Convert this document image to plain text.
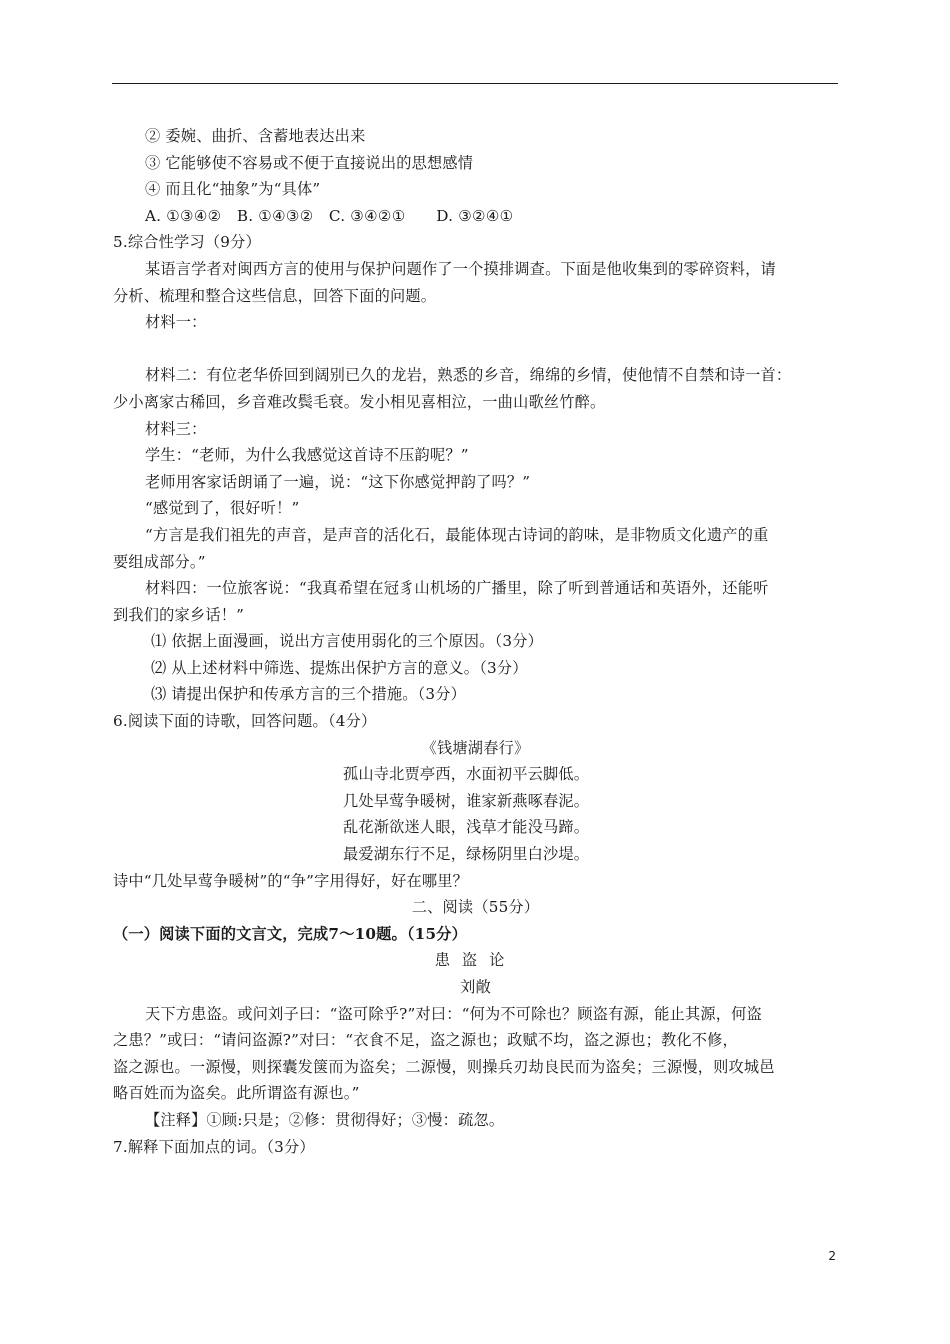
② 委婉、曲折、含蓄地表达出来
③ 它能够使不容易或不便于直接说出的思想感情
④ 而且化“抽象”为“具体”
A. ①③④②　B. ①④③②　C. ③④②①　　D. ③②④①
5.综合性学习（9分）
某语言学者对闽西方言的使用与保护问题作了一个摸排调查。下面是他收集到的零碎资料，请
分析、梳理和整合这些信息，回答下面的问题。
材料一：
材料二：有位老华侨回到阔别已久的龙岩，熟悉的乡音，绵绵的乡情，使他情不自禁和诗一首：
少小离家古稀回，乡音难改鬓毛衰。发小相见喜相泣，一曲山歌丝竹醉。
材料三：
学生：“老师，为什么我感觉这首诗不压韵呢？”
老师用客家话朗诵了一遍，说：“这下你感觉押韵了吗？”
“感觉到了，很好听！”
“方言是我们祖先的声音，是声音的活化石，最能体现古诗词的韵味，是非物质文化遗产的重
要组成部分。”
材料四：一位旅客说：“我真希望在冠豸山机场的广播里，除了听到普通话和英语外，还能听
到我们的家乡话！”
⑴ 依据上面漫画，说出方言使用弱化的三个原因。（3分）
⑵ 从上述材料中筛选、提炼出保护方言的意义。（3分）
⑶ 请提出保护和传承方言的三个措施。（3分）
6.阅读下面的诗歌，回答问题。（4分）
《钱塘湖春行》
孤山寺北贾亭西，水面初平云脚低。
几处早莺争暖树，谁家新燕啄春泥。
乱花渐欲迷人眼，浅草才能没马蹄。
最爱湖东行不足，绿杨阴里白沙堤。
诗中“几处早莺争暖树”的“争”字用得好，好在哪里？
二、阅读（55分）
（一）阅读下面的文言文，完成7～10题。（15分）
患盗论
刘敞
天下方患盗。或问刘子曰：“盗可除乎?”对曰：“何为不可除也？顾盗有源，能止其源，何盗
之患？”或曰：“请问盗源?”对曰：“衣食不足，盗之源也；政赋不均，盗之源也；教化不修，
盗之源也。一源慢，则探囊发箧而为盗矣；二源慢，则操兵刃劫良民而为盗矣；三源慢，则攻城邑
略百姓而为盗矣。此所谓盗有源也。”
【注释】①顾:只是；②修：贯彻得好；③慢：疏忽。
7.解释下面加点的词。（3分）
2
